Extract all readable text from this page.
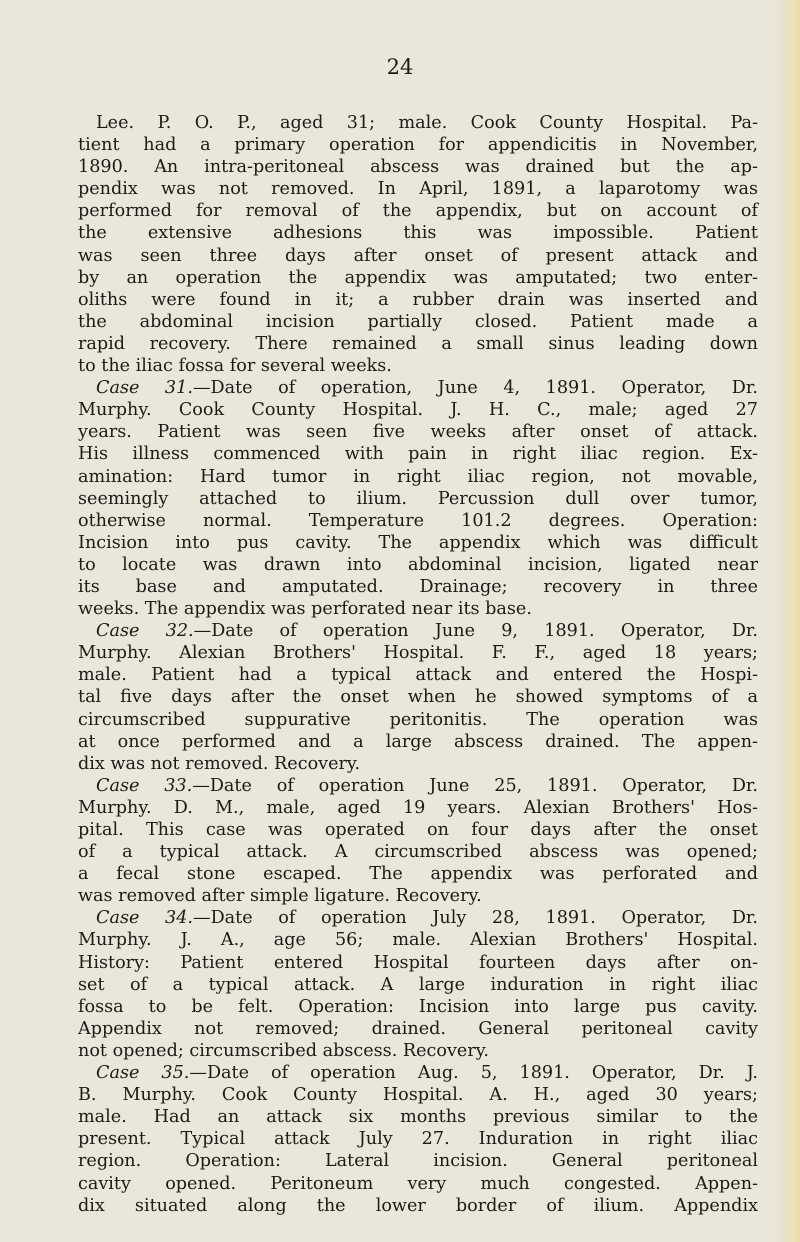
24
Lee. P. O. P., aged 31; male. Cook County Hospital. Pa-
tient had a primary operation for appendicitis in November,
1890. An intra-peritoneal abscess was drained but the ap-
pendix was not removed. In April, 1891, a laparotomy was
performed for removal of the appendix, but on account of
the extensive adhesions this was impossible. Patient
was seen three days after onset of present attack and
by an operation the appendix was amputated; two enter-
oliths were found in it; a rubber drain was inserted and
the abdominal incision partially closed. Patient made a
rapid recovery. There remained a small sinus leading down
to the iliac fossa for several weeks.
Case 31.—Date of operation, June 4, 1891. Operator, Dr.
Murphy. Cook County Hospital. J. H. C., male; aged 27
years. Patient was seen five weeks after onset of attack.
His illness commenced with pain in right iliac region. Ex-
amination: Hard tumor in right iliac region, not movable,
seemingly attached to ilium. Percussion dull over tumor,
otherwise normal. Temperature 101.2 degrees. Operation:
Incision into pus cavity. The appendix which was difficult
to locate was drawn into abdominal incision, ligated near
its base and amputated. Drainage; recovery in three
weeks. The appendix was perforated near its base.
Case 32.—Date of operation June 9, 1891. Operator, Dr.
Murphy. Alexian Brothers' Hospital. F. F., aged 18 years;
male. Patient had a typical attack and entered the Hospi-
tal five days after the onset when he showed symptoms of a
circumscribed suppurative peritonitis. The operation was
at once performed and a large abscess drained. The appen-
dix was not removed. Recovery.
Case 33.—Date of operation June 25, 1891. Operator, Dr.
Murphy. D. M., male, aged 19 years. Alexian Brothers' Hos-
pital. This case was operated on four days after the onset
of a typical attack. A circumscribed abscess was opened;
a fecal stone escaped. The appendix was perforated and
was removed after simple ligature. Recovery.
Case 34.—Date of operation July 28, 1891. Operator, Dr.
Murphy. J. A., age 56; male. Alexian Brothers' Hospital.
History: Patient entered Hospital fourteen days after on-
set of a typical attack. A large induration in right iliac
fossa to be felt. Operation: Incision into large pus cavity.
Appendix not removed; drained. General peritoneal cavity
not opened; circumscribed abscess. Recovery.
Case 35.—Date of operation Aug. 5, 1891. Operator, Dr. J.
B. Murphy. Cook County Hospital. A. H., aged 30 years;
male. Had an attack six months previous similar to the
present. Typical attack July 27. Induration in right iliac
region. Operation: Lateral incision. General peritoneal
cavity opened. Peritoneum very much congested. Appen-
dix situated along the lower border of ilium. Appendix
